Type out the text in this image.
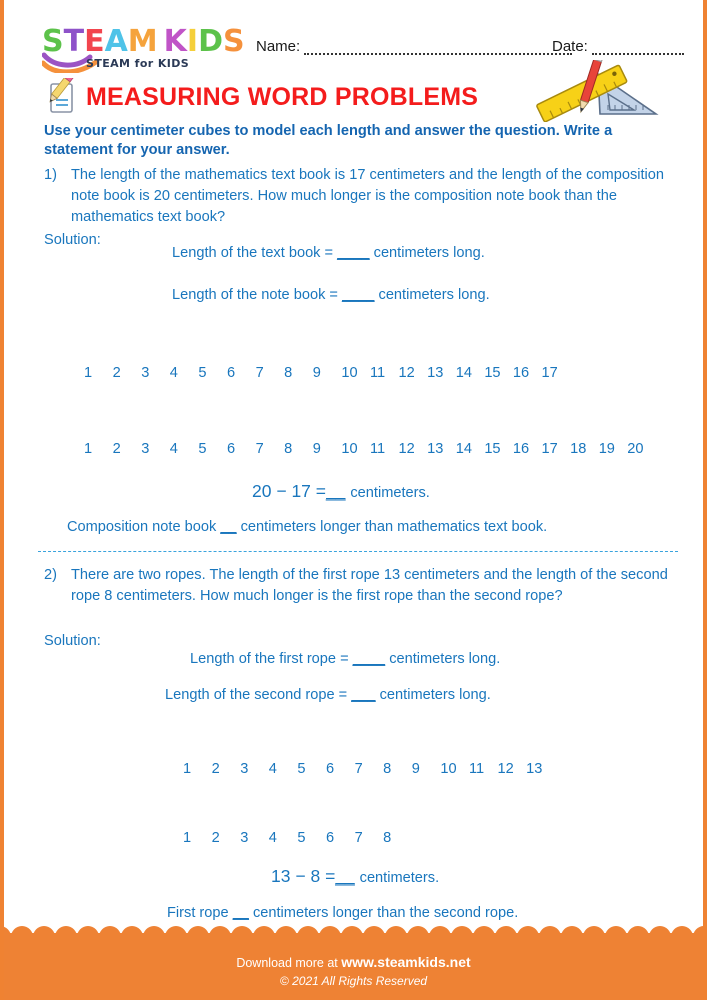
STEAM  KIDS
STEAM for KIDS
Name:	Date:
MEASURING WORD PROBLEMS
Use your centimeter cubes to model each length and answer the question. Write a statement for your answer.
1) The length of the mathematics text book is 17 centimeters and the length of the composition note book is 20 centimeters. How much longer is the composition note book than the mathematics text book?
Solution:
Length of the text book = ____ centimeters long.
Length of the note book = ____ centimeters long.
1	2	3	4	5	6	7	8	9	10 11 12 13 14 15 16 17
1	2	3	4	5	6	7	8	9	10 11 12 13 14 15 16 17 18 19 20
20 − 17 =__ centimeters.
Composition note book __ centimeters longer than mathematics text book.
2) There are two ropes. The length of the first rope 13 centimeters and the length of the second rope 8 centimeters. How much longer is the first rope than the second rope?
Solution:
Length of the first rope = ____ centimeters long.
Length of the second rope = ___ centimeters long.
1	2	3	4	5	6	7	8	9	10 11 12 13
1	2	3	4	5	6	7	8
13 − 8 =__ centimeters.
First rope __ centimeters longer than the second rope.
Download more at www.steamkids.net
© 2021 All Rights Reserved
